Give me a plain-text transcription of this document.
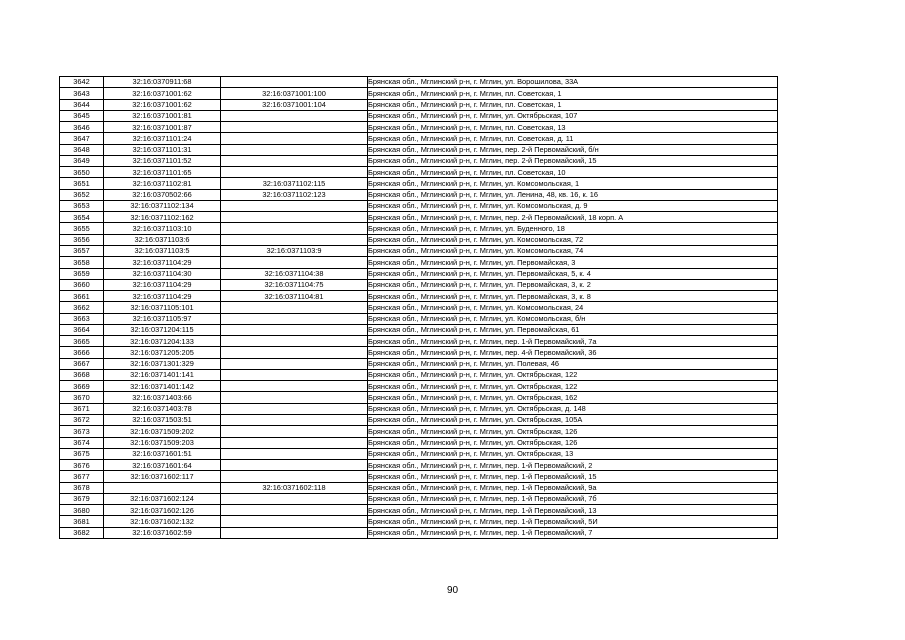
3642	32:16:0370911:68		Брянская обл., Мглинский р-н, г. Мглин, ул. Ворошилова, 33А
3643	32:16:0371001:62	32:16:0371001:100	Брянская обл., Мглинский р-н, г. Мглин, пл. Советская, 1
3644	32:16:0371001:62	32:16:0371001:104	Брянская обл., Мглинский р-н, г. Мглин, пл. Советская, 1
3645	32:16:0371001:81		Брянская обл., Мглинский р-н, г. Мглин, ул. Октябрьская, 107
3646	32:16:0371001:87		Брянская обл., Мглинский р-н, г. Мглин, пл. Советская, 13
3647	32:16:0371101:24		Брянская обл., Мглинский р-н, г. Мглин, пл. Советская, д. 11
3648	32:16:0371101:31		Брянская обл., Мглинский р-н, г. Мглин, пер. 2-й Первомайский, б/н
3649	32:16:0371101:52		Брянская обл., Мглинский р-н, г. Мглин, пер. 2-й Первомайский, 15
3650	32:16:0371101:65		Брянская обл., Мглинский р-н, г. Мглин, пл. Советская, 10
3651	32:16:0371102:81	32:16:0371102:115	Брянская обл., Мглинский р-н, г. Мглин, ул. Комсомольская, 1
3652	32:16:0370502:66	32:16:0371102:123	Брянская обл., Мглинский р-н, г. Мглин, ул. Ленина, 48, кв. 16, к. 16
3653	32:16:0371102:134		Брянская обл., Мглинский р-н, г. Мглин, ул. Комсомольская, д. 9
3654	32:16:0371102:162		Брянская обл., Мглинский р-н, г. Мглин, пер. 2-й Первомайский, 18 корп. А
3655	32:16:0371103:10		Брянская обл., Мглинский р-н, г. Мглин, ул. Буденного, 18
3656	32:16:0371103:6		Брянская обл., Мглинский р-н, г. Мглин, ул. Комсомольская, 72
3657	32:16:0371103:5	32:16:0371103:9	Брянская обл., Мглинский р-н, г. Мглин, ул. Комсомольская, 74
3658	32:16:0371104:29		Брянская обл., Мглинский р-н, г. Мглин, ул. Первомайская, 3
3659	32:16:0371104:30	32:16:0371104:38	Брянская обл., Мглинский р-н, г. Мглин, ул. Первомайская, 5, к. 4
3660	32:16:0371104:29	32:16:0371104:75	Брянская обл., Мглинский р-н, г. Мглин, ул. Первомайская, 3, к. 2
3661	32:16:0371104:29	32:16:0371104:81	Брянская обл., Мглинский р-н, г. Мглин, ул. Первомайская, 3, к. 8
3662	32:16:0371105:101		Брянская обл., Мглинский р-н, г. Мглин, ул. Комсомольская, 24
3663	32:16:0371105:97		Брянская обл., Мглинский р-н, г. Мглин, ул. Комсомольская, б/н
3664	32:16:0371204:115		Брянская обл., Мглинский р-н, г. Мглин, ул. Первомайская, 61
3665	32:16:0371204:133		Брянская обл., Мглинский р-н, г. Мглин, пер. 1-й Первомайский, 7а
3666	32:16:0371205:205		Брянская обл., Мглинский р-н, г. Мглин, пер. 4-й Первомайский, 36
3667	32:16:0371301:329		Брянская обл., Мглинский р-н, г. Мглин, ул. Полевая, 46
3668	32:16:0371401:141		Брянская обл., Мглинский р-н, г. Мглин, ул. Октябрьская, 122
3669	32:16:0371401:142		Брянская обл., Мглинский р-н, г. Мглин, ул. Октябрьская, 122
3670	32:16:0371403:66		Брянская обл., Мглинский р-н, г. Мглин, ул. Октябрьская, 162
3671	32:16:0371403:78		Брянская обл., Мглинский р-н, г. Мглин, ул. Октябрьская, д. 148
3672	32:16:0371503:51		Брянская обл., Мглинский р-н, г. Мглин, ул. Октябрьская, 105А
3673	32:16:0371509:202		Брянская обл., Мглинский р-н, г. Мглин, ул. Октябрьская, 126
3674	32:16:0371509:203		Брянская обл., Мглинский р-н, г. Мглин, ул. Октябрьская, 126
3675	32:16:0371601:51		Брянская обл., Мглинский р-н, г. Мглин, ул. Октябрьская, 13
3676	32:16:0371601:64		Брянская обл., Мглинский р-н, г. Мглин, пер. 1-й Первомайский, 2
3677	32:16:0371602:117		Брянская обл., Мглинский р-н, г. Мглин, пер. 1-й Первомайский, 15
3678		32:16:0371602:118	Брянская обл., Мглинский р-н, г. Мглин, пер. 1-й Первомайский, 9а
3679	32:16:0371602:124		Брянская обл., Мглинский р-н, г. Мглин, пер. 1-й Первомайский, 7б
3680	32:16:0371602:126		Брянская обл., Мглинский р-н, г. Мглин, пер. 1-й Первомайский, 13
3681	32:16:0371602:132		Брянская обл., Мглинский р-н, г. Мглин, пер. 1-й Первомайский, 5И
3682	32:16:0371602:59		Брянская обл., Мглинский р-н, г. Мглин, пер. 1-й Первомайский, 7
90
